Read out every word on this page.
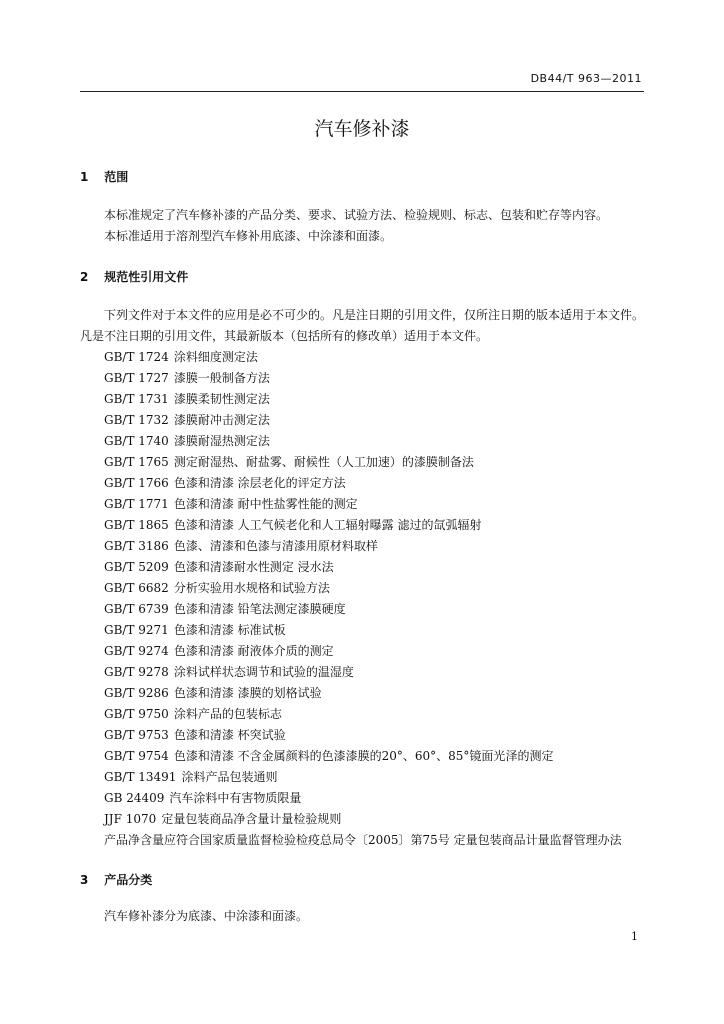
DB44/T 963—2011
汽车修补漆
1 范围
本标准规定了汽车修补漆的产品分类、要求、试验方法、检验规则、标志、包装和贮存等内容。
本标准适用于溶剂型汽车修补用底漆、中涂漆和面漆。
2 规范性引用文件
下列文件对于本文件的应用是必不可少的。凡是注日期的引用文件，仅所注日期的版本适用于本文件。凡是不注日期的引用文件，其最新版本（包括所有的修改单）适用于本文件。
GB/T 1724 涂料细度测定法
GB/T 1727 漆膜一般制备方法
GB/T 1731 漆膜柔韧性测定法
GB/T 1732 漆膜耐冲击测定法
GB/T 1740 漆膜耐湿热测定法
GB/T 1765 测定耐湿热、耐盐雾、耐候性（人工加速）的漆膜制备法
GB/T 1766 色漆和清漆 涂层老化的评定方法
GB/T 1771 色漆和清漆 耐中性盐雾性能的测定
GB/T 1865 色漆和清漆 人工气候老化和人工辐射曝露 滤过的氙弧辐射
GB/T 3186 色漆、清漆和色漆与清漆用原材料取样
GB/T 5209 色漆和清漆耐水性测定 浸水法
GB/T 6682 分析实验用水规格和试验方法
GB/T 6739 色漆和清漆 铅笔法测定漆膜硬度
GB/T 9271 色漆和清漆 标准试板
GB/T 9274 色漆和清漆 耐液体介质的测定
GB/T 9278 涂料试样状态调节和试验的温湿度
GB/T 9286 色漆和清漆 漆膜的划格试验
GB/T 9750 涂料产品的包装标志
GB/T 9753 色漆和清漆 杯突试验
GB/T 9754 色漆和清漆 不含金属颜料的色漆漆膜的20°、60°、85°镜面光泽的测定
GB/T 13491 涂料产品包装通则
GB 24409 汽车涂料中有害物质限量
JJF 1070 定量包装商品净含量计量检验规则
产品净含量应符合国家质量监督检验检疫总局令〔2005〕第75号 定量包装商品计量监督管理办法
3 产品分类
汽车修补漆分为底漆、中涂漆和面漆。
1
